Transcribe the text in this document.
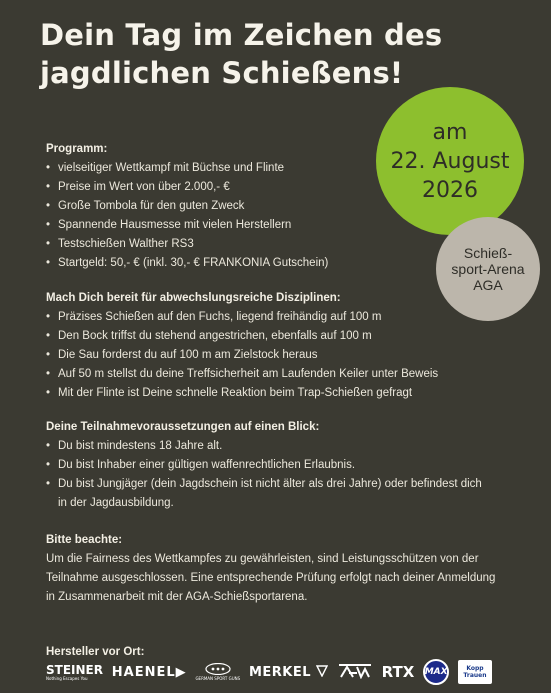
Dein Tag im Zeichen des
jagdlichen Schießens!
am
22. August
2026
Schieß-
sport-Arena
AGA
Programm:
• vielseitiger Wettkampf mit Büchse und Flinte
• Preise im Wert von über 2.000,- €
• Große Tombola für den guten Zweck
• Spannende Hausmesse mit vielen Herstellern
• Testschießen Walther RS3
• Startgeld: 50,- € (inkl. 30,- € FRANKONIA Gutschein)
Mach Dich bereit für abwechslungsreiche Disziplinen:
• Präzises Schießen auf den Fuchs, liegend freihändig auf 100 m
• Den Bock triffst du stehend angestrichen, ebenfalls auf 100 m
• Die Sau forderst du auf 100 m am Zielstock heraus
• Auf 50 m stellst du deine Treffsicherheit am Laufenden Keiler unter Beweis
• Mit der Flinte ist Deine schnelle Reaktion beim Trap-Schießen gefragt
Deine Teilnahmevoraussetzungen auf einen Blick:
• Du bist mindestens 18 Jahre alt.
• Du bist Inhaber einer gültigen waffenrechtlichen Erlaubnis.
• Du bist Jungjäger (dein Jagdschein ist nicht älter als drei Jahre) oder befindest dich in der Jagdausbildung.
Bitte beachte:

Um die Fairness des Wettkampfes zu gewährleisten, sind Leistungsschützen von der Teilnahme ausgeschlossen. Eine entsprechende Prüfung erfolgt nach deiner Anmeldung in Zusammenarbeit mit der AGA-Schießsportarena.

Hersteller vor Ort:
STEINER
Nothing Escapes You	HAENEL▶ GERMAN SPORT GUNS MERKEL	RTX MAX	Kopp
Trauen
